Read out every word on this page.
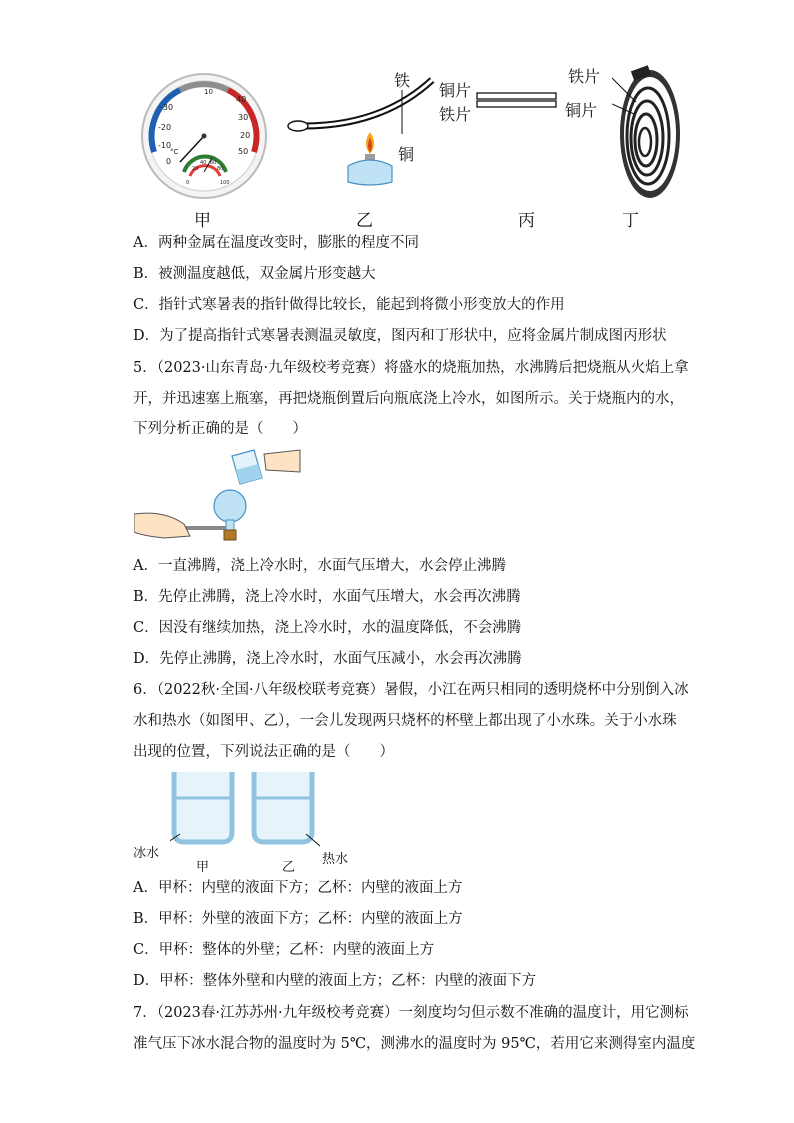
-30
-20
-10
0
40
30
20
50
10
°C
0
20
40 60
80
100
铁
铜
铜片
铁片
铁片
铜片
甲	乙	丙	丁
A．两种金属在温度改变时，膨胀的程度不同
B．被测温度越低，双金属片形变越大
C．指针式寒暑表的指针做得比较长，能起到将微小形变放大的作用
D．为了提高指针式寒暑表测温灵敏度，图丙和丁形状中，应将金属片制成图丙形状
5．（2023·山东青岛·九年级校考竞赛）将盛水的烧瓶加热，水沸腾后把烧瓶从火焰上拿
开，并迅速塞上瓶塞，再把烧瓶倒置后向瓶底浇上冷水，如图所示。关于烧瓶内的水，
下列分析正确的是（　　）
A．一直沸腾，浇上冷水时，水面气压增大，水会停止沸腾
B．先停止沸腾，浇上冷水时，水面气压增大，水会再次沸腾
C．因没有继续加热，浇上冷水时，水的温度降低，不会沸腾
D．先停止沸腾，浇上冷水时，水面气压减小，水会再次沸腾
6．（2022秋·全国·八年级校联考竞赛）暑假，小江在两只相同的透明烧杯中分别倒入冰
水和热水（如图甲、乙），一会儿发现两只烧杯的杯壁上都出现了小水珠。关于小水珠
出现的位置，下列说法正确的是（　　）
冰水
甲	乙
热水
A．甲杯：内壁的液面下方；乙杯：内壁的液面上方
B．甲杯：外壁的液面下方；乙杯：内壁的液面上方
C．甲杯：整体的外壁；乙杯：内壁的液面上方
D．甲杯：整体外壁和内壁的液面上方；乙杯：内壁的液面下方
7．（2023春·江苏苏州·九年级校考竞赛）一刻度均匀但示数不准确的温度计，用它测标
准气压下冰水混合物的温度时为 5℃，测沸水的温度时为 95℃，若用它来测得室内温度
